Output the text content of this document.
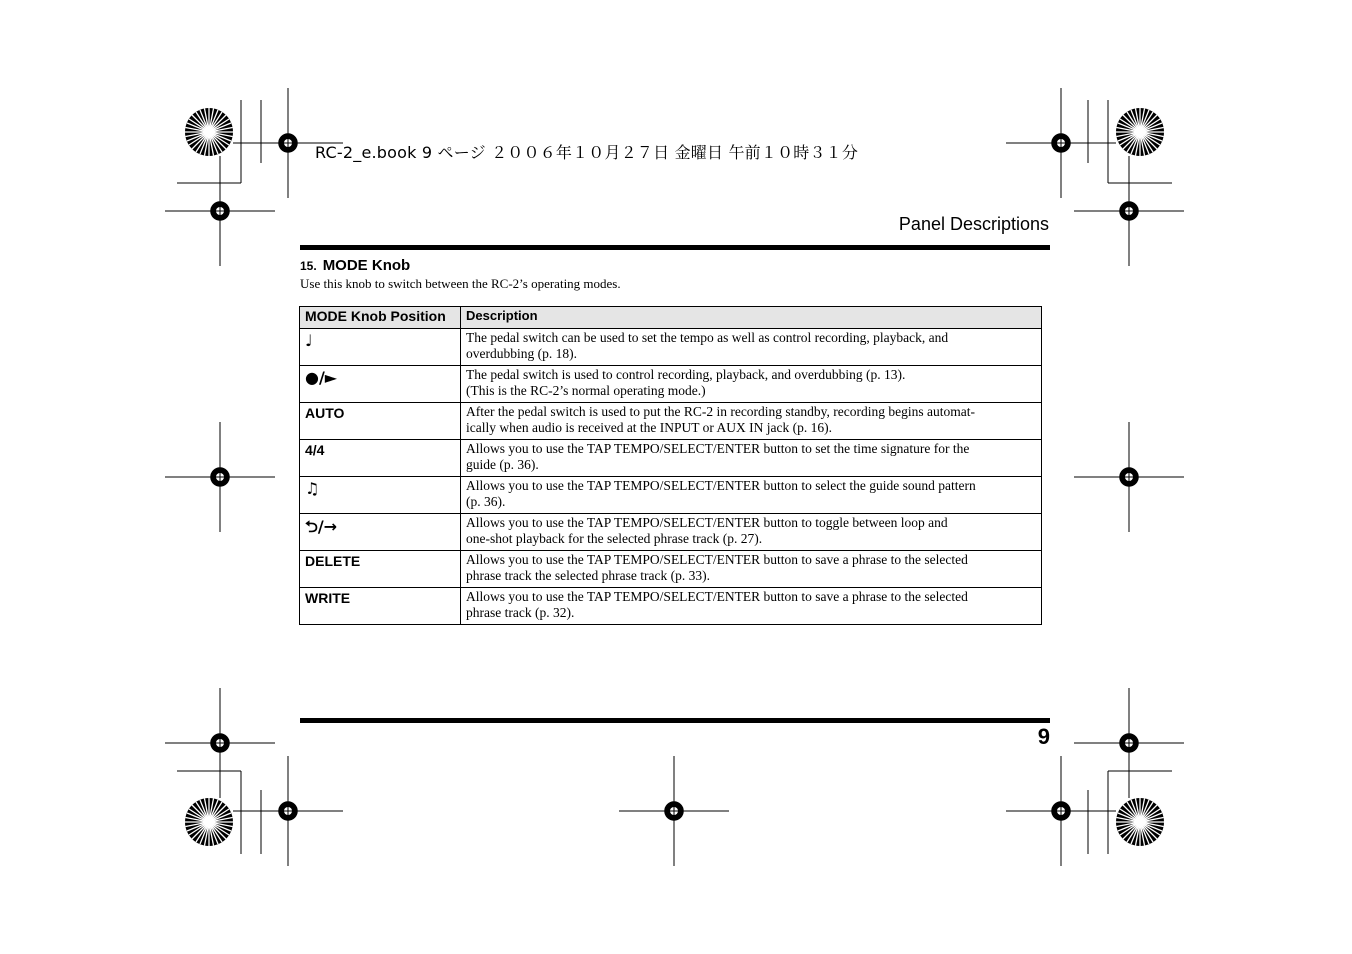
RC-2_e.book 9 ページ ２００６年１０月２７日 金曜日 午前１０時３１分
Panel Descriptions
15. MODE Knob
Use this knob to switch between the RC-2’s operating modes.
MODE Knob Position	Description
♩	The pedal switch can be used to set the tempo as well as control recording, playback, and
overdubbing (p. 18).

●/►	The pedal switch is used to control recording, playback, and overdubbing (p. 13).
(This is the RC-2’s normal operating mode.)

AUTO	After the pedal switch is used to put the RC-2 in recording standby, recording begins automat-
ically when audio is received at the INPUT or AUX IN jack (p. 16).

4/4	Allows you to use the TAP TEMPO/SELECT/ENTER button to set the time signature for the
guide (p. 36).

♫	Allows you to use the TAP TEMPO/SELECT/ENTER button to select the guide sound pattern
(p. 36).

⮌/→	Allows you to use the TAP TEMPO/SELECT/ENTER button to toggle between loop and
one-shot playback for the selected phrase track (p. 27).

DELETE	Allows you to use the TAP TEMPO/SELECT/ENTER button to save a phrase to the selected
phrase track the selected phrase track (p. 33).

WRITE	Allows you to use the TAP TEMPO/SELECT/ENTER button to save a phrase to the selected
phrase track (p. 32).
9
